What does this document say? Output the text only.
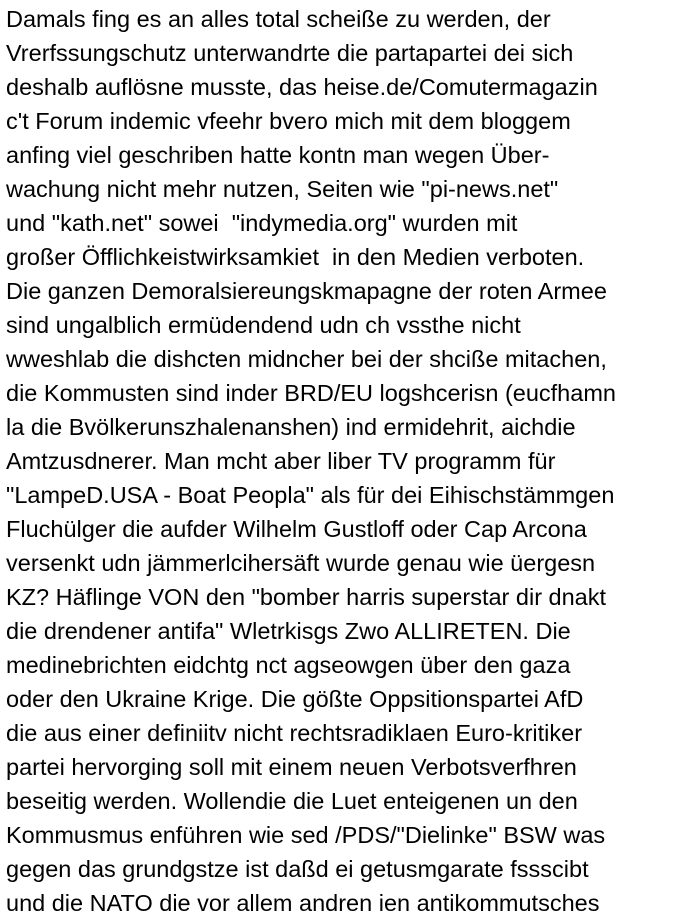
Damals fing es an alles total scheiße zu werden, der
Vrerfssungschutz unterwandrte die partapartei dei sich
deshalb auflösne musste, das heise.de/Comutermagazin
c't Forum indemic vfeehr bvero mich mit dem bloggem
anfing viel geschriben hatte kontn man wegen Über-
wachung nicht mehr nutzen, Seiten wie "pi-news.net"
und "kath.net" sowei  "indymedia.org" wurden mit
großer Öfflichkeistwirksamkiet  in den Medien verboten.
Die ganzen Demoralsiereungskmapagne der roten Armee
sind ungalblich ermüdendend udn ch vssthe nicht
wweshlab die dishcten midncher bei der shcißе mitachen,
die Kommusten sind inder BRD/EU logshcerisn (eucfhamn
la die Bvölkerunszhalenanshen) ind ermidehrit, aichdie
Amtzusdnerer. Man mcht aber liber TV programm für
"LampeD.USA - Boat Peopla" als für dei Eihischstämmgen
Fluchülger die aufder Wilhelm Gustloff oder Cap Arcona
versenkt udn jämmerlcihersäft wurde genau wie üergesn
KZ? Häflinge VON den "bomber harris superstar dir dnakt
die drendener antifa" Wletrkisgs Zwo ALLIRETEN. Die
medinebrichten eidchtg nct agseowgen über den gaza
oder den Ukraine Krige. Die gößte Oppsitionspartei AfD
die aus einer definiitv nicht rechtsradiklaen Euro-kritiker
partei hervorging soll mit einem neuen Verbotsverfhren
beseitig werden. Wollendie die Luet enteigenen un den
Kommusmus enführen wie sed /PDS/"Dielinke" BSW was
gegen das grundgstze ist daßd ei getusmgarate fssscibt
und die NATO die vor allem andren ien antikommutsches
